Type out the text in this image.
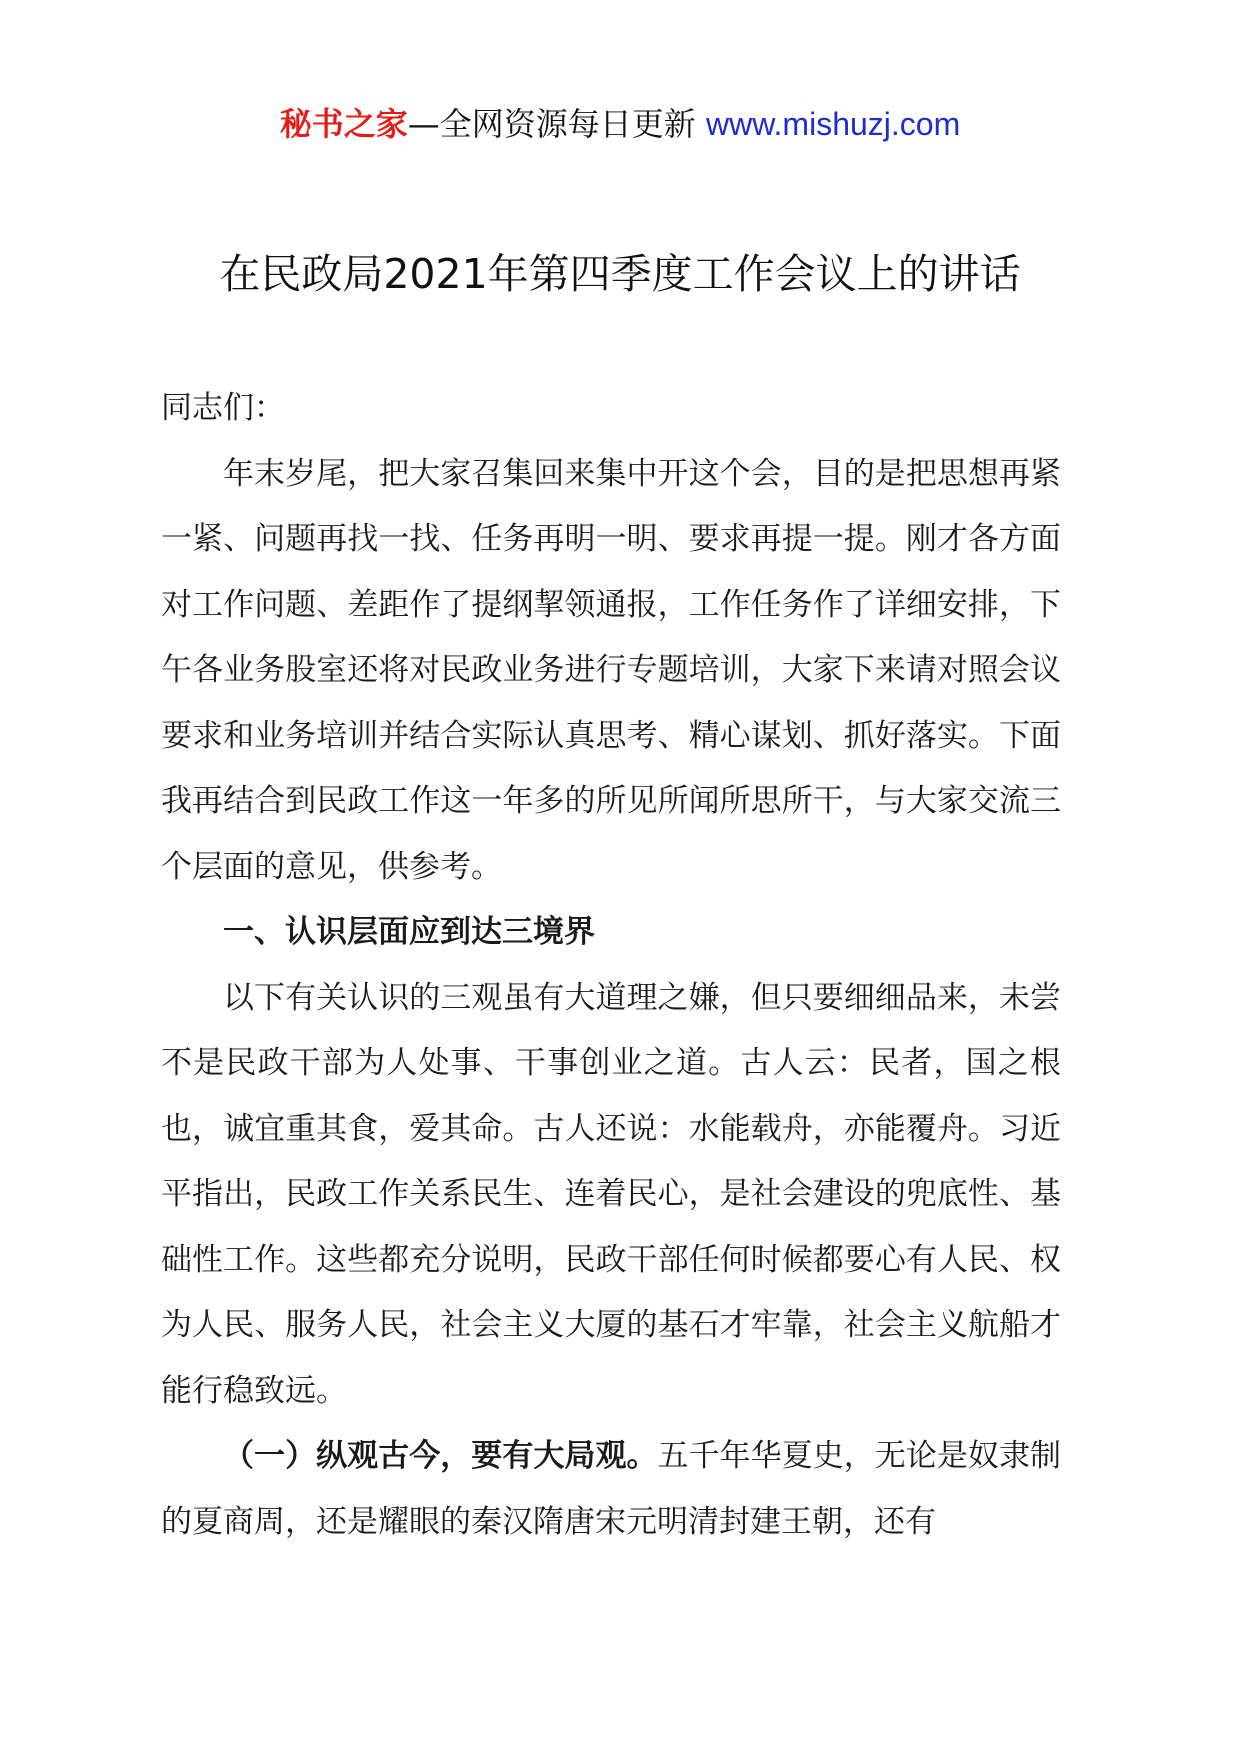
秘书之家—全网资源每日更新 www.mishuzj.com
在民政局2021年第四季度工作会议上的讲话

同志们：

年末岁尾，把大家召集回来集中开这个会，目的是把思想再紧一紧、问题再找一找、任务再明一明、要求再提一提。刚才各方面对工作问题、差距作了提纲挈领通报，工作任务作了详细安排，下午各业务股室还将对民政业务进行专题培训，大家下来请对照会议要求和业务培训并结合实际认真思考、精心谋划、抓好落实。下面我再结合到民政工作这一年多的所见所闻所思所干，与大家交流三个层面的意见，供参考。

一、认识层面应到达三境界

以下有关认识的三观虽有大道理之嫌，但只要细细品来，未尝不是民政干部为人处事、干事创业之道。古人云：民者，国之根也，诚宜重其食，爱其命。古人还说：水能载舟，亦能覆舟。习近平指出，民政工作关系民生、连着民心，是社会建设的兜底性、基础性工作。这些都充分说明，民政干部任何时候都要心有人民、权为人民、服务人民，社会主义大厦的基石才牢靠，社会主义航船才能行稳致远。

（一）纵观古今，要有大局观。五千年华夏史，无论是奴隶制的夏商周，还是耀眼的秦汉隋唐宋元明清封建王朝，还有
